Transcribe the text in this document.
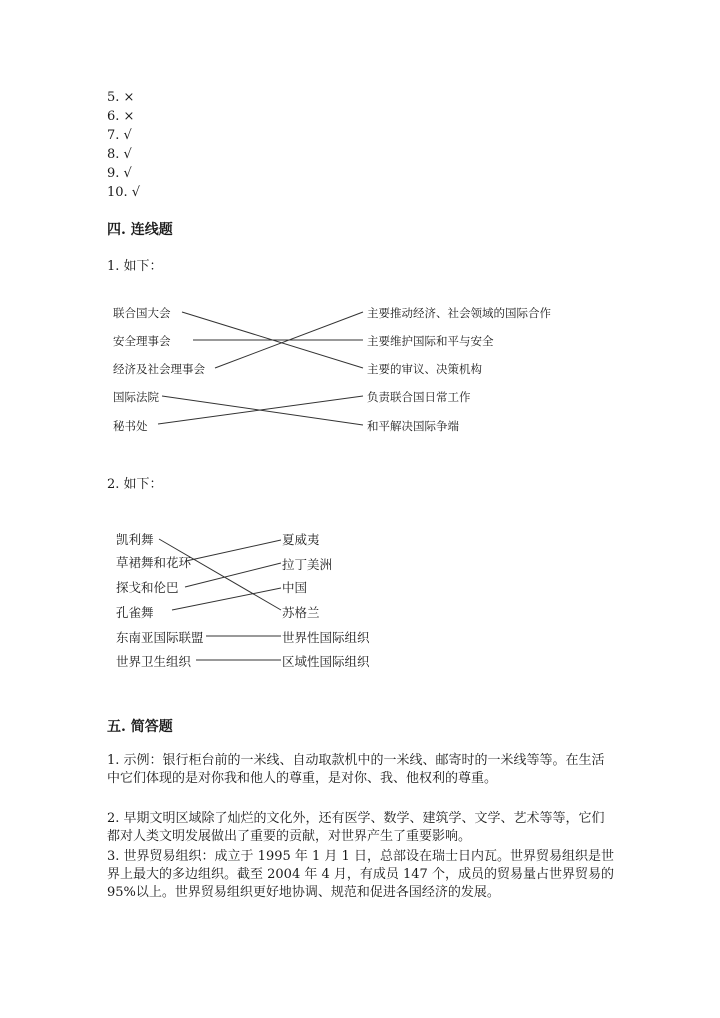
5. ×
6. ×
7. √
8. √
9. √
10. √
四. 连线题
1. 如下：
联合国大会
安全理事会
经济及社会理事会
国际法院
秘书处
主要推动经济、社会领域的国际合作
主要维护国际和平与安全
主要的审议、决策机构
负责联合国日常工作
和平解决国际争端
2. 如下：
凯利舞
草裙舞和花环
探戈和伦巴
孔雀舞
东南亚国际联盟
世界卫生组织
夏威夷
拉丁美洲
中国
苏格兰
世界性国际组织
区域性国际组织
五. 简答题
1. 示例：银行柜台前的一米线、自动取款机中的一米线、邮寄时的一米线等等。在生活中它们体现的是对你我和他人的尊重，是对你、我、他权利的尊重。
2. 早期文明区域除了灿烂的文化外，还有医学、数学、建筑学、文学、艺术等等，它们都对人类文明发展做出了重要的贡献，对世界产生了重要影响。
3. 世界贸易组织：成立于 1995 年 1 月 1 日，总部设在瑞士日内瓦。世界贸易组织是世界上最大的多边组织。截至 2004 年 4 月，有成员 147 个，成员的贸易量占世界贸易的 95%以上。世界贸易组织更好地协调、规范和促进各国经济的发展。
